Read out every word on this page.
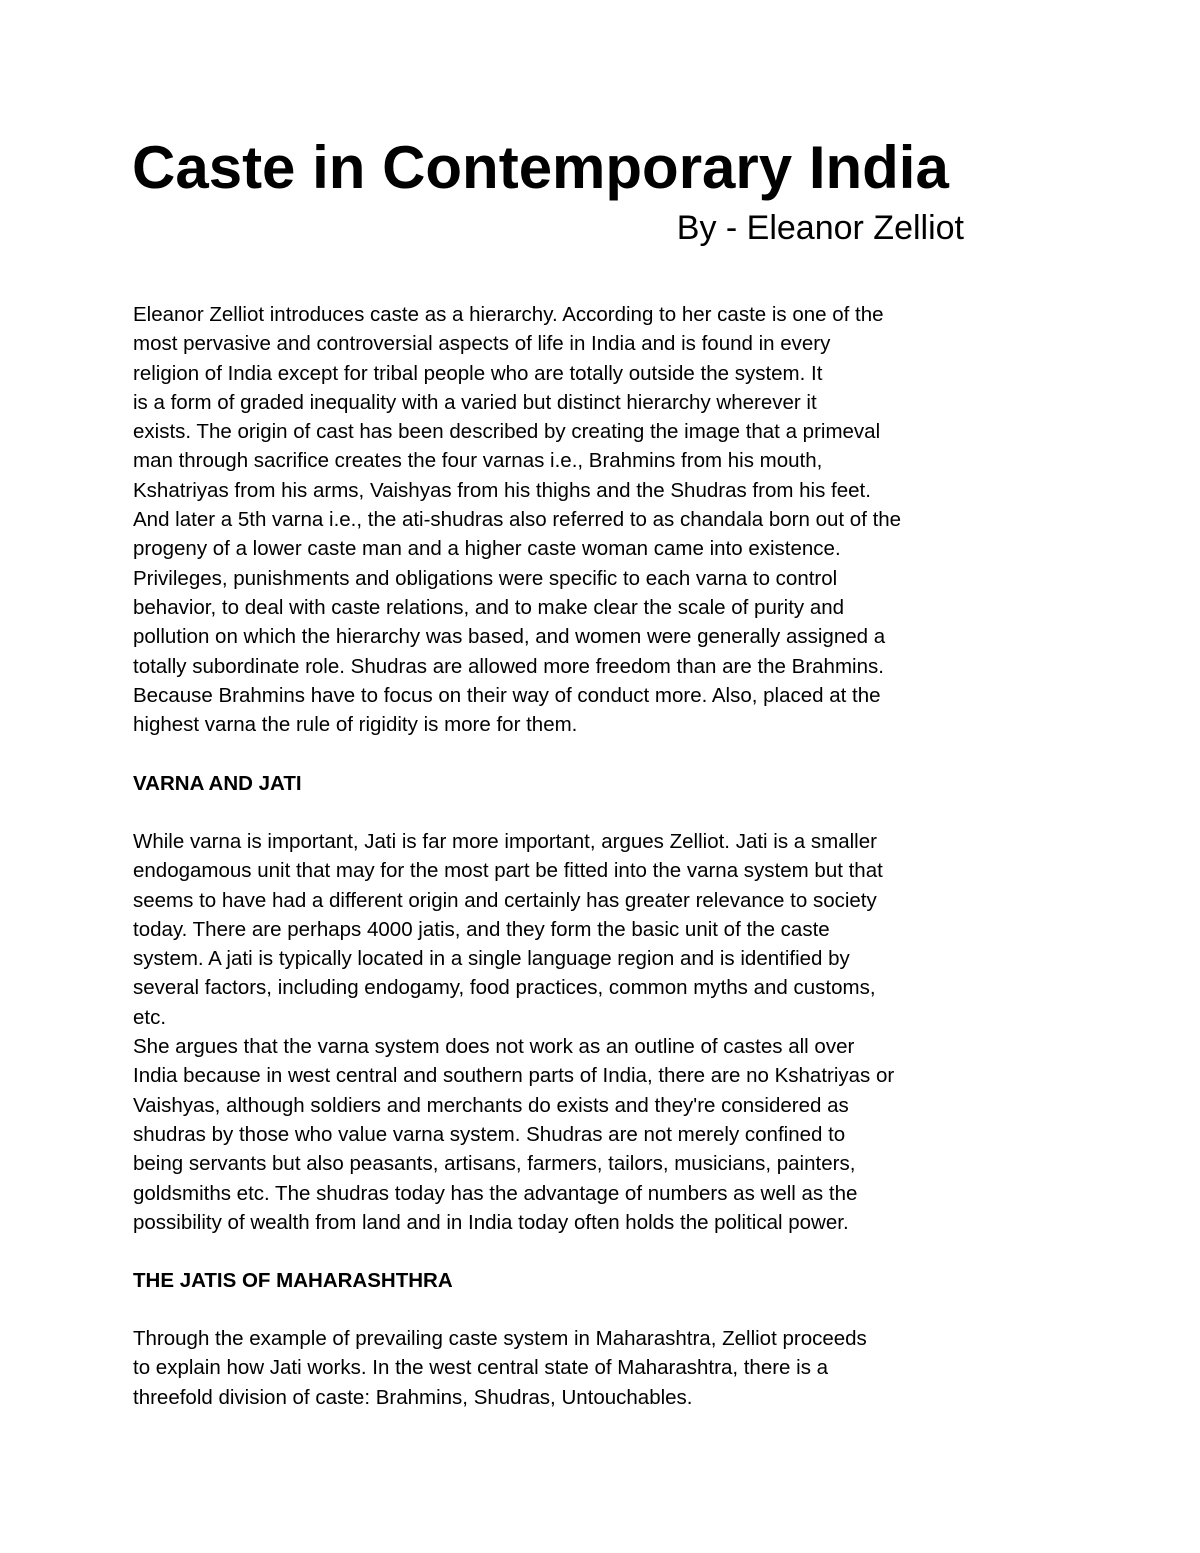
Caste in Contemporary India
By - Eleanor Zelliot
Eleanor Zelliot introduces caste as a hierarchy. According to her caste is one of the
most pervasive and controversial aspects of life in India and is found in every
religion of India except for tribal people who are totally outside the system. It
is a form of graded inequality with a varied but distinct hierarchy wherever it
exists. The origin of cast has been described by creating the image that a primeval
man through sacrifice creates the four varnas i.e., Brahmins from his mouth,
Kshatriyas from his arms, Vaishyas from his thighs and the Shudras from his feet.
And later a 5th varna i.e., the ati-shudras also referred to as chandala born out of the
progeny of a lower caste man and a higher caste woman came into existence.
Privileges, punishments and obligations were specific to each varna to control
behavior, to deal with caste relations, and to make clear the scale of purity and
pollution on which the hierarchy was based, and women were generally assigned a
totally subordinate role. Shudras are allowed more freedom than are the Brahmins.
Because Brahmins have to focus on their way of conduct more. Also, placed at the
highest varna the rule of rigidity is more for them.
VARNA AND JATI
While varna is important, Jati is far more important, argues Zelliot. Jati is a smaller
endogamous unit that may for the most part be fitted into the varna system but that
seems to have had a different origin and certainly has greater relevance to society
today. There are perhaps 4000 jatis, and they form the basic unit of the caste
system. A jati is typically located in a single language region and is identified by
several factors, including endogamy, food practices, common myths and customs,
etc.
She argues that the varna system does not work as an outline of castes all over
India because in west central and southern parts of India, there are no Kshatriyas or
Vaishyas, although soldiers and merchants do exists and they're considered as
shudras by those who value varna system. Shudras are not merely confined to
being servants but also peasants, artisans, farmers, tailors, musicians, painters,
goldsmiths etc. The shudras today has the advantage of numbers as well as the
possibility of wealth from land and in India today often holds the political power.
THE JATIS OF MAHARASHTHRA
Through the example of prevailing caste system in Maharashtra, Zelliot proceeds
to explain how Jati works. In the west central state of Maharashtra, there is a
threefold division of caste: Brahmins, Shudras, Untouchables.
